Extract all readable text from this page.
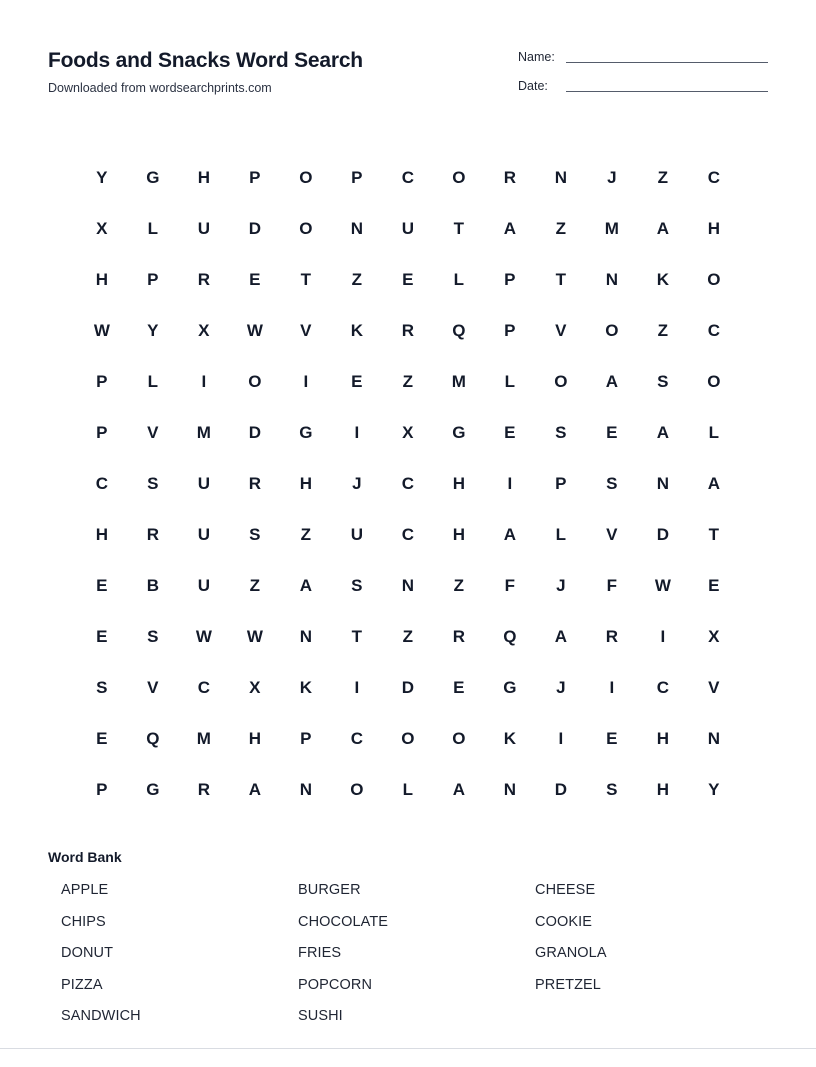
Foods and Snacks Word Search
Downloaded from wordsearchprints.com
Name:
Date:
Y	G	H	P	O	P	C	O	R	N	J	Z	C
X	L	U	D	O	N	U	T	A	Z	M	A	H
H	P	R	E	T	Z	E	L	P	T	N	K	O
W	Y	X	W	V	K	R	Q	P	V	O	Z	C
P	L	I	O	I	E	Z	M	L	O	A	S	O
P	V	M	D	G	I	X	G	E	S	E	A	L
C	S	U	R	H	J	C	H	I	P	S	N	A
H	R	U	S	Z	U	C	H	A	L	V	D	T
E	B	U	Z	A	S	N	Z	F	J	F	W	E
E	S	W	W	N	T	Z	R	Q	A	R	I	X
S	V	C	X	K	I	D	E	G	J	I	C	V
E	Q	M	H	P	C	O	O	K	I	E	H	N
P	G	R	A	N	O	L	A	N	D	S	H	Y
Word Bank
APPLE
CHIPS
DONUT
PIZZA
SANDWICH
BURGER
CHOCOLATE
FRIES
POPCORN
SUSHI
CHEESE
COOKIE
GRANOLA
PRETZEL
